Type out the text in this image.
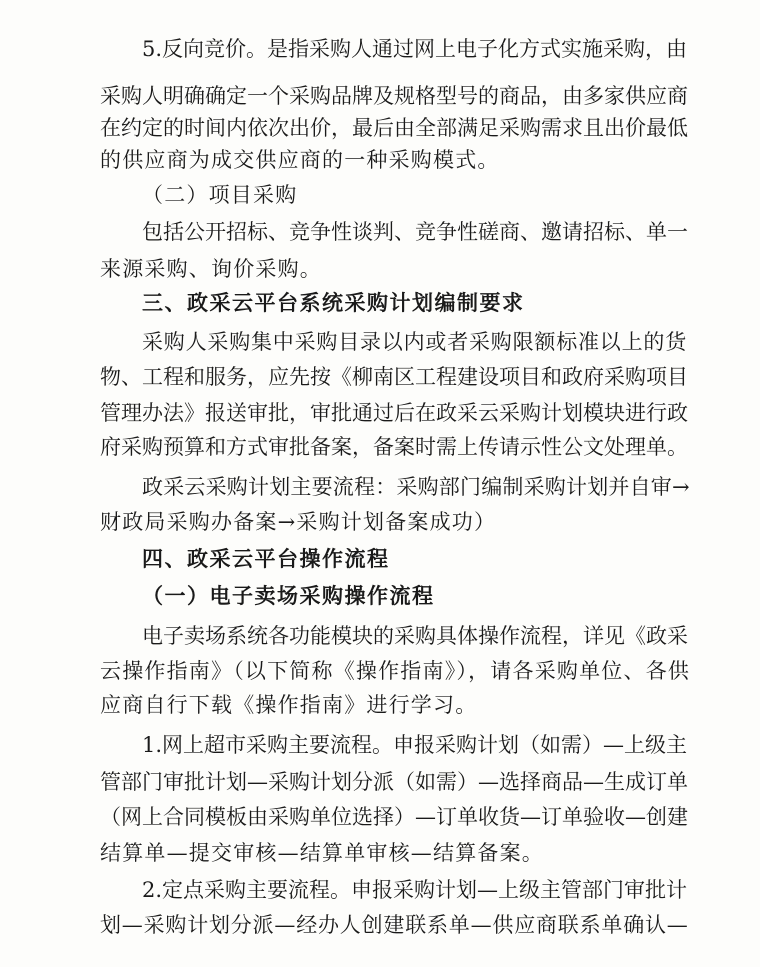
5.反向竞价。是指采购人通过网上电子化方式实施采购，由
采购人明确确定一个采购品牌及规格型号的商品，由多家供应商
在约定的时间内依次出价，最后由全部满足采购需求且出价最低
的供应商为成交供应商的一种采购模式。
（二）项目采购
包括公开招标、竞争性谈判、竞争性磋商、邀请招标、单一
来源采购、询价采购。
三、政采云平台系统采购计划编制要求
采购人采购集中采购目录以内或者采购限额标准以上的货
物、工程和服务，应先按《柳南区工程建设项目和政府采购项目
管理办法》报送审批，审批通过后在政采云采购计划模块进行政
府采购预算和方式审批备案，备案时需上传请示性公文处理单。
政采云采购计划主要流程：采购部门编制采购计划并自审→
财政局采购办备案→采购计划备案成功）
四、政采云平台操作流程
（一）电子卖场采购操作流程
电子卖场系统各功能模块的采购具体操作流程，详见《政采
云操作指南》（以下简称《操作指南》），请各采购单位、各供
应商自行下载《操作指南》进行学习。
1.网上超市采购主要流程。申报采购计划（如需）—上级主
管部门审批计划—采购计划分派（如需）—选择商品—生成订单
（网上合同模板由采购单位选择）—订单收货—订单验收—创建
结算单—提交审核—结算单审核—结算备案。
2.定点采购主要流程。申报采购计划—上级主管部门审批计
划—采购计划分派—经办人创建联系单—供应商联系单确认—
